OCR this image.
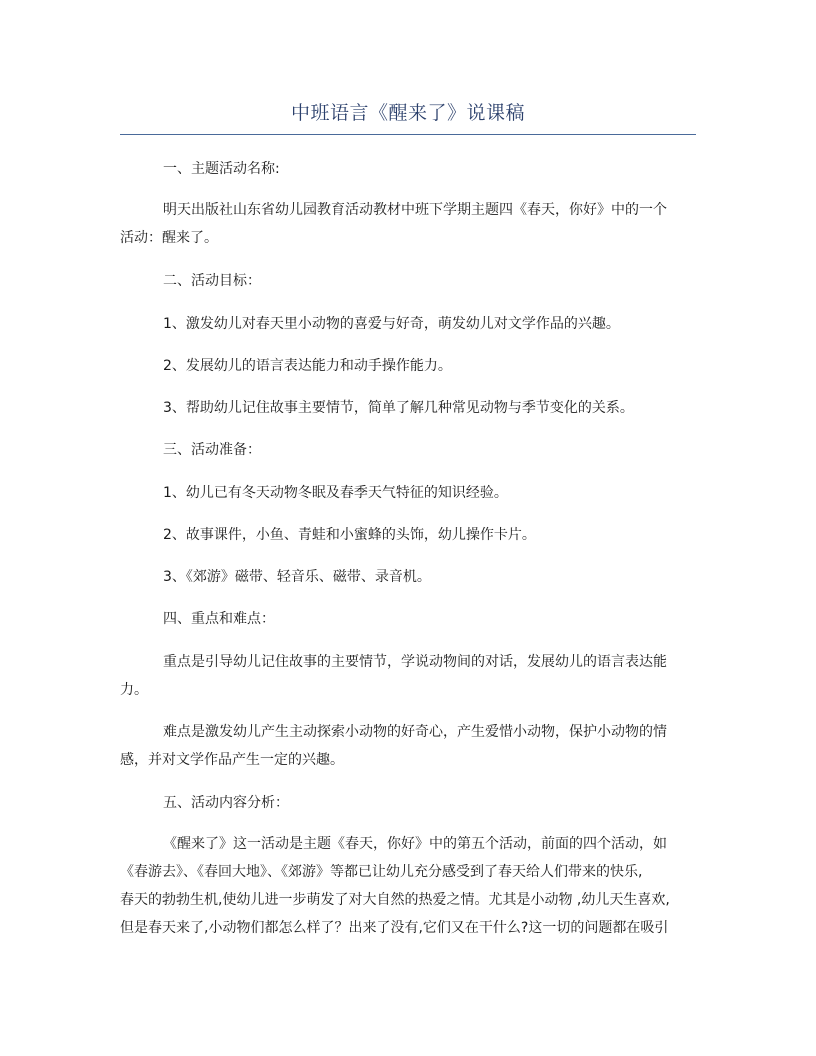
中班语言《醒来了》说课稿
一、主题活动名称:
明天出版社山东省幼儿园教育活动教材中班下学期主题四《春天，你好》中的一个
活动：醒来了。
二、活动目标：
1、激发幼儿对春天里小动物的喜爱与好奇，萌发幼儿对文学作品的兴趣。
2、发展幼儿的语言表达能力和动手操作能力。
3、帮助幼儿记住故事主要情节，简单了解几种常见动物与季节变化的关系。
三、活动准备：
1、幼儿已有冬天动物冬眠及春季天气特征的知识经验。
2、故事课件，小鱼、青蛙和小蜜蜂的头饰，幼儿操作卡片。
3、《郊游》磁带、轻音乐、磁带、录音机。
四、重点和难点：
重点是引导幼儿记住故事的主要情节，学说动物间的对话，发展幼儿的语言表达能
力。
难点是激发幼儿产生主动探索小动物的好奇心，产生爱惜小动物，保护小动物的情
感，并对文学作品产生一定的兴趣。
五、活动内容分析：
《醒来了》这一活动是主题《春天，你好》中的第五个活动，前面的四个活动，如
《春游去》、《春回大地》、《郊游》等都已让幼儿充分感受到了春天给人们带来的快乐,
春天的勃勃生机,使幼儿进一步萌发了对大自然的热爱之情。尤其是小动物 ,幼儿天生喜欢,
但是春天来了,小动物们都怎么样了？出来了没有,它们又在干什么?这一切的问题都在吸引
